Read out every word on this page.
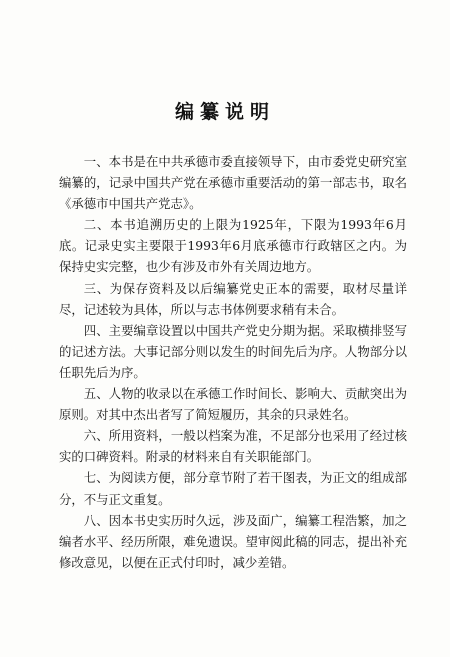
编纂说明

一、本书是在中共承德市委直接领导下，由市委党史研究室编纂的，记录中国共产党在承德市重要活动的第一部志书，取名《承德市中国共产党志》。

二、本书追溯历史的上限为1925年，下限为1993年6月底。记录史实主要限于1993年6月底承德市行政辖区之内。为保持史实完整，也少有涉及市外有关周边地方。

三、为保存资料及以后编纂党史正本的需要，取材尽量详尽，记述较为具体，所以与志书体例要求稍有未合。

四、主要编章设置以中国共产党史分期为据。采取横排竖写的记述方法。大事记部分则以发生的时间先后为序。人物部分以任职先后为序。

五、人物的收录以在承德工作时间长、影响大、贡献突出为原则。对其中杰出者写了简短履历，其余的只录姓名。

六、所用资料，一般以档案为准，不足部分也采用了经过核实的口碑资料。附录的材料来自有关职能部门。

七、为阅读方便，部分章节附了若干图表，为正文的组成部分，不与正文重复。

八、因本书史实历时久远，涉及面广，编纂工程浩繁，加之编者水平、经历所限，难免遗误。望审阅此稿的同志，提出补充修改意见，以便在正式付印时，减少差错。
